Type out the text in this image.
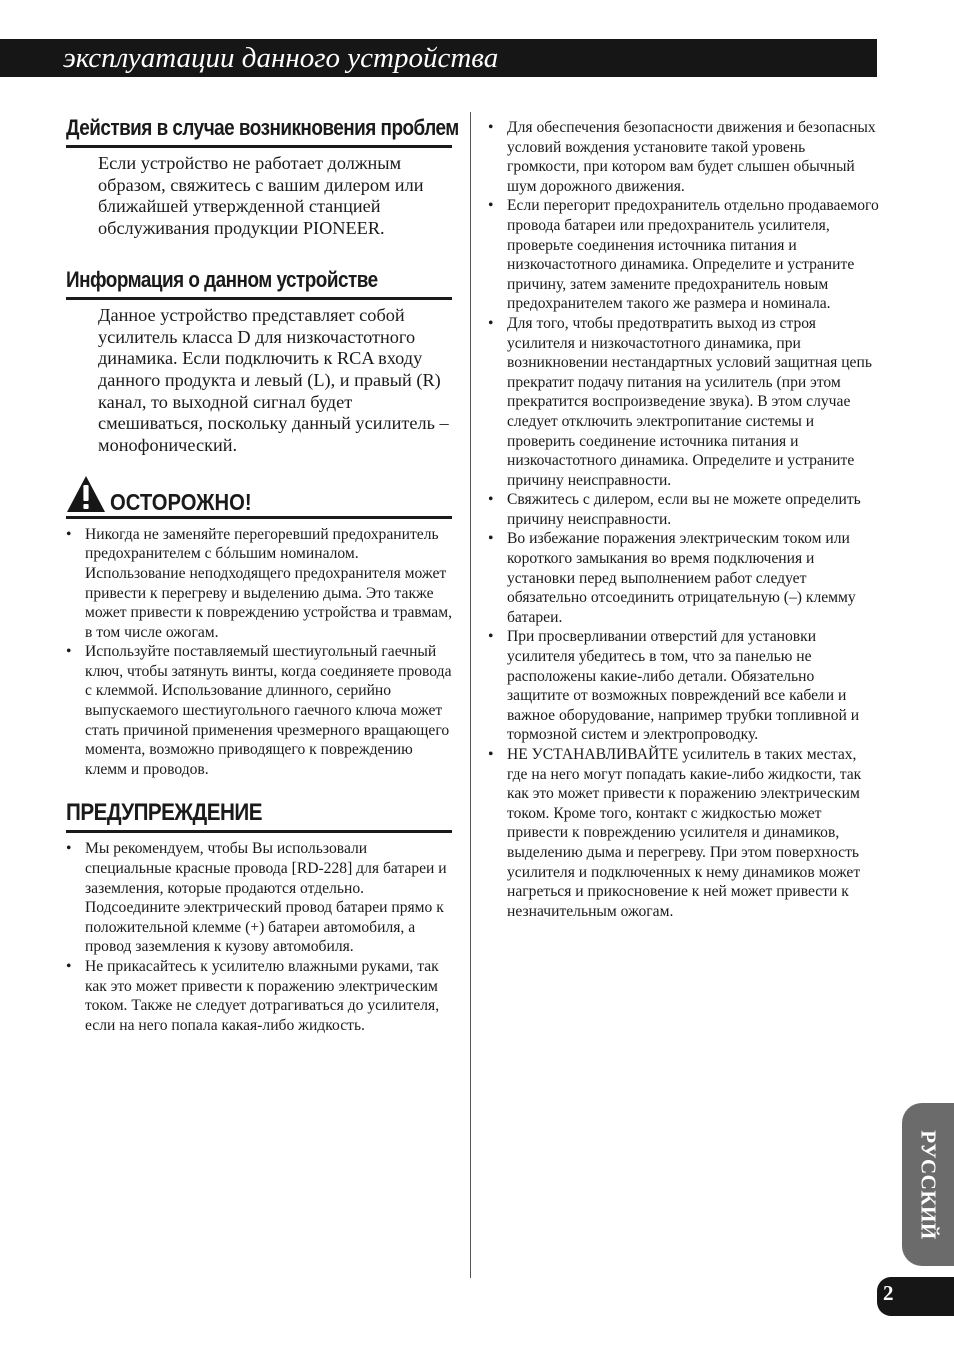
эксплуатации данного устройства
Действия в случае возникновения проблем

Если устройство не работает должным образом, свяжитесь с вашим дилером или ближайшей утвержденной станцией обслуживания продукции PIONEER.

Информация о данном устройстве

Данное устройство представляет собой усилитель класса D для низкочастотного динамика. Если подключить к RCA входу данного продукта и левый (L), и правый (R) канал, то выходной сигнал будет смешиваться, поскольку данный усилитель – монофонический.

ОСТОРОЖНО!
• Никогда не заменяйте перегоревший предохранитель предохранителем с бóльшим номиналом. Использование неподходящего предохранителя может привести к перегреву и выделению дыма. Это также может привести к повреждению устройства и травмам, в том числе ожогам.
• Используйте поставляемый шестиугольный гаечный ключ, чтобы затянуть винты, когда соединяете провода с клеммой. Использование длинного, серийно выпускаемого шестиугольного гаечного ключа может стать причиной применения чрезмерного вращающего момента, возможно приводящего к повреждению клемм и проводов.
ПРЕДУПРЕЖДЕНИЕ
• Мы рекомендуем, чтобы Вы использовали специальные красные провода [RD-228] для батареи и заземления, которые продаются отдельно. Подсоедините электрический провод батареи прямо к положительной клемме (+) батареи автомобиля, а провод заземления к кузову автомобиля.
• Не прикасайтесь к усилителю влажными руками, так как это может привести к поражению электрическим током. Также не следует дотрагиваться до усилителя, если на него попала какая-либо жидкость.
• Для обеспечения безопасности движения и безопасных условий вождения установите такой уровень громкости, при котором вам будет слышен обычный шум дорожного движения.
• Если перегорит предохранитель отдельно продаваемого провода батареи или предохранитель усилителя, проверьте соединения источника питания и низкочастотного динамика. Определите и устраните причину, затем замените предохранитель новым предохранителем такого же размера и номинала.
• Для того, чтобы предотвратить выход из строя усилителя и низкочастотного динамика, при возникновении нестандартных условий защитная цепь прекратит подачу питания на усилитель (при этом прекратится воспроизведение звука). В этом случае следует отключить электропитание системы и проверить соединение источника питания и низкочастотного динамика. Определите и устраните причину неисправности.
• Свяжитесь с дилером, если вы не можете определить причину неисправности.
• Во избежание поражения электрическим током или короткого замыкания во время подключения и установки перед выполнением работ следует обязательно отсоединить отрицательную (–) клемму батареи.
• При просверливании отверстий для установки усилителя убедитесь в том, что за панелью не расположены какие-либо детали. Обязательно защитите от возможных повреждений все кабели и важное оборудование, например трубки топливной и тормозной систем и электропроводку.
• НЕ УСТАНАВЛИВАЙТЕ усилитель в таких местах, где на него могут попадать какие-либо жидкости, так как это может привести к поражению электрическим током. Кроме того, контакт с жидкостью может привести к повреждению усилителя и динамиков, выделению дыма и перегреву. При этом поверхность усилителя и подключенных к нему динамиков может нагреться и прикосновение к ней может привести к незначительным ожогам.
РУССКИЙ
2
